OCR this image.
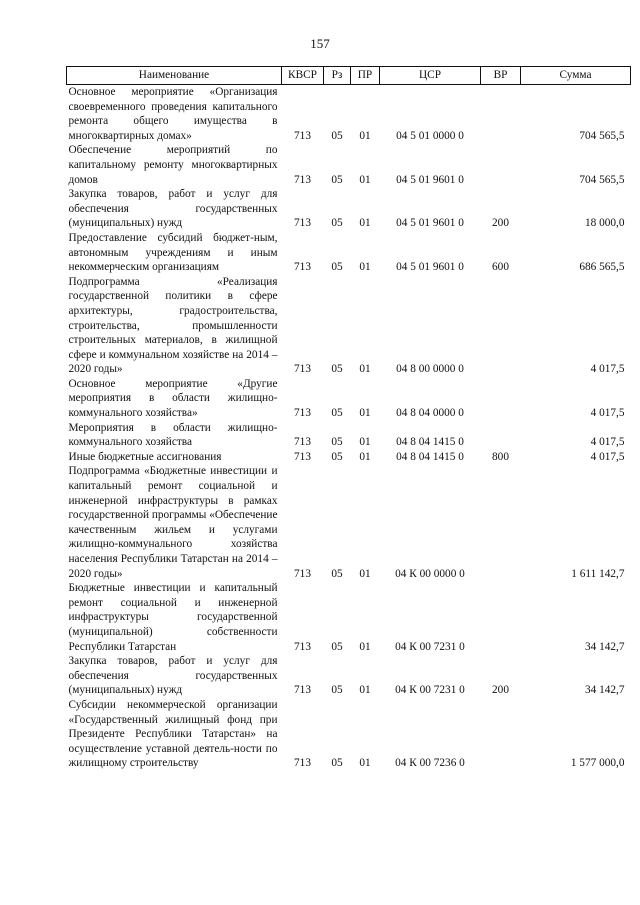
157
Наименование	КВСР	Рз	ПР	ЦСР	ВР	Сумма
Основное мероприятие «Организация своевременного проведения капитального ремонта общего имущества в многоквартирных домах»	713	05	01	04 5 01 0000 0		704 565,5
Обеспечение мероприятий по капитальному ремонту многоквартирных домов	713	05	01	04 5 01 9601 0		704 565,5
Закупка товаров, работ и услуг для обеспечения государственных (муниципальных) нужд	713	05	01	04 5 01 9601 0	200	18 000,0
Предоставление субсидий бюджет-ным, автономным учреждениям и иным некоммерческим организациям	713	05	01	04 5 01 9601 0	600	686 565,5
Подпрограмма «Реализация государственной политики в сфере архитектуры, градостроительства, строительства, промышленности строительных материалов, в жилищной сфере и коммунальном хозяйстве на 2014 – 2020 годы»	713	05	01	04 8 00 0000 0		4 017,5
Основное мероприятие «Другие мероприятия в области жилищно-коммунального хозяйства»	713	05	01	04 8 04 0000 0		4 017,5
Мероприятия в области жилищно-коммунального хозяйства	713	05	01	04 8 04 1415 0		4 017,5
Иные бюджетные ассигнования	713	05	01	04 8 04 1415 0	800	4 017,5
Подпрограмма «Бюджетные инвестиции и капитальный ремонт социальной и инженерной инфраструктуры в рамках государственной программы «Обеспечение качественным жильем и услугами жилищно-коммунального хозяйства населения Республики Татарстан на 2014 – 2020 годы»	713	05	01	04 К 00 0000 0		1 611 142,7
Бюджетные инвестиции и капитальный ремонт социальной и инженерной инфраструктуры государственной (муниципальной) собственности Республики Татарстан	713	05	01	04 К 00 7231 0		34 142,7
Закупка товаров, работ и услуг для обеспечения государственных (муниципальных) нужд	713	05	01	04 К 00 7231 0	200	34 142,7
Субсидии некоммерческой организации «Государственный жилищный фонд при Президенте Республики Татарстан» на осуществление уставной деятель-ности по жилищному строительству	713	05	01	04 К 00 7236 0		1 577 000,0
